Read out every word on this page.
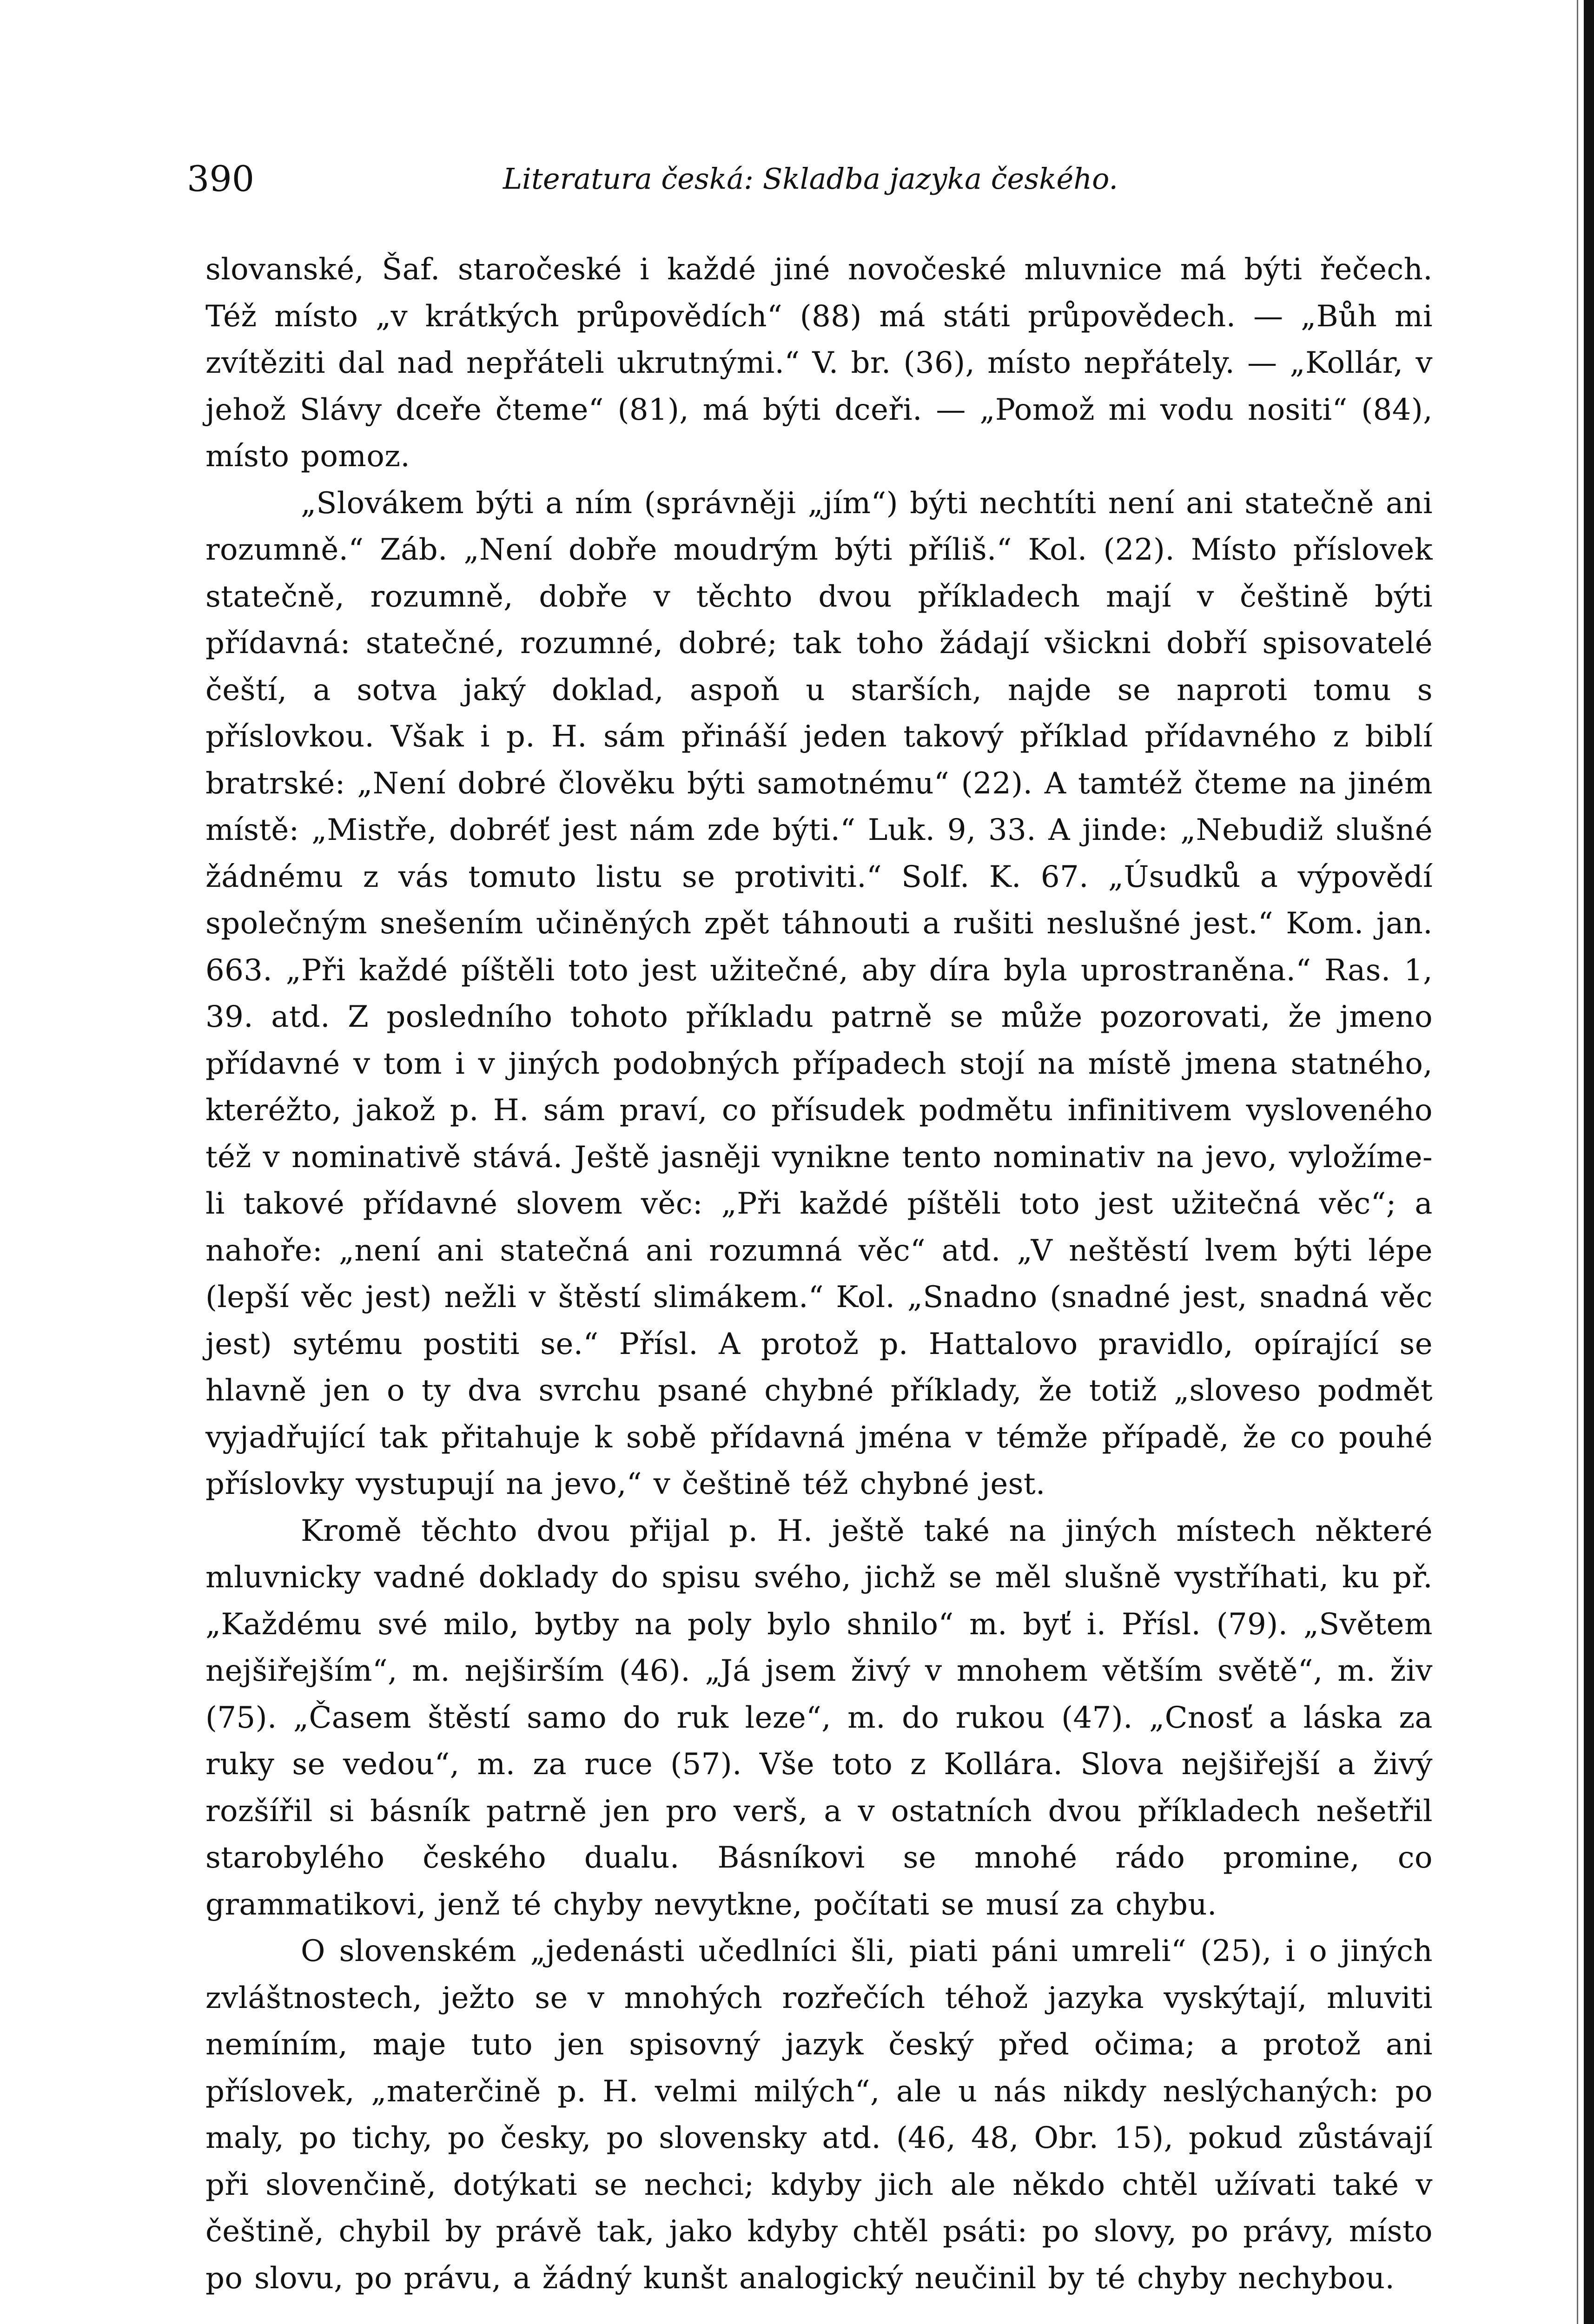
390	Literatura česká: Skladba jazyka českého.

slovanské, Šaf. staročeské i každé jiné novočeské mluvnice má býti řečech. Též místo „v krátkých průpovědích“ (88) má státi průpovědech. — „Bůh mi zvítěziti dal nad nepřáteli ukrutnými.“ V. br. (36), místo nepřátely. — „Kollár, v jehož Slávy dceře čteme“ (81), má býti dceři. — „Pomož mi vodu nositi“ (84), místo pomoz.

„Slovákem býti a ním (správněji „jím“) býti nechtíti není ani statečně ani rozumně.“ Záb. „Není dobře moudrým býti příliš.“ Kol. (22). Místo příslovek statečně, rozumně, dobře v těchto dvou příkladech mají v češtině býti přídavná: statečné, rozumné, dobré; tak toho žádají všickni dobří spisovatelé čeští, a sotva jaký doklad, aspoň u starších, najde se naproti tomu s příslovkou. Však i p. H. sám přináší jeden takový příklad přídavného z biblí bratrské: „Není dobré člověku býti samotnému“ (22). A tamtéž čteme na jiném místě: „Mistře, dobréť jest nám zde býti.“ Luk. 9, 33. A jinde: „Nebudiž slušné žádnému z vás tomuto listu se protiviti.“ Solf. K. 67. „Úsudků a výpovědí společným snešením učiněných zpět táhnouti a rušiti neslušné jest.“ Kom. jan. 663. „Při každé píštěli toto jest užitečné, aby díra byla uprostraněna.“ Ras. 1, 39. atd. Z posledního tohoto příkladu patrně se může pozorovati, že jmeno přídavné v tom i v jiných podobných případech stojí na místě jmena statného, kteréžto, jakož p. H. sám praví, co přísudek podmětu infinitivem vysloveného též v nominativě stává. Ještě jasněji vynikne tento nominativ na jevo, vyložíme-li takové přídavné slovem věc: „Při každé píštěli toto jest užitečná věc“; a nahoře: „není ani statečná ani rozumná věc“ atd. „V neštěstí lvem býti lépe (lepší věc jest) nežli v štěstí slimákem.“ Kol. „Snadno (snadné jest, snadná věc jest) sytému postiti se.“ Přísl. A protož p. Hattalovo pravidlo, opírající se hlavně jen o ty dva svrchu psané chybné příklady, že totiž „sloveso podmět vyjadřující tak přitahuje k sobě přídavná jména v témže případě, že co pouhé příslovky vystupují na jevo,“ v češtině též chybné jest.

Kromě těchto dvou přijal p. H. ještě také na jiných místech některé mluvnicky vadné doklady do spisu svého, jichž se měl slušně vystříhati, ku př. „Každému své milo, bytby na poly bylo shnilo“ m. byť i. Přísl. (79). „Světem nejšiřejším“, m. nejširším (46). „Já jsem živý v mnohem větším světě“, m. živ (75). „Časem štěstí samo do ruk leze“, m. do rukou (47). „Cnosť a láska za ruky se vedou“, m. za ruce (57). Vše toto z Kollára. Slova nejšiřejší a živý rozšířil si básník patrně jen pro verš, a v ostatních dvou příkladech nešetřil starobylého českého dualu. Básníkovi se mnohé rádo promine, co grammatikovi, jenž té chyby nevytkne, počítati se musí za chybu.

O slovenském „jedenásti učedlníci šli, piati páni umreli“ (25), i o jiných zvláštnostech, ježto se v mnohých rozřečích téhož jazyka vyskýtají, mluviti nemíním, maje tuto jen spisovný jazyk český před očima; a protož ani příslovek, „materčině p. H. velmi milých“, ale u nás nikdy neslýchaných: po maly, po tichy, po česky, po slovensky atd. (46, 48, Obr. 15), pokud zůstávají při slovenčině, dotýkati se nechci; kdyby jich ale někdo chtěl užívati také v češtině, chybil by právě tak, jako kdyby chtěl psáti: po slovy, po právy, místo po slovu, po právu, a žádný kunšt analogický neučinil by té chyby nechybou.
